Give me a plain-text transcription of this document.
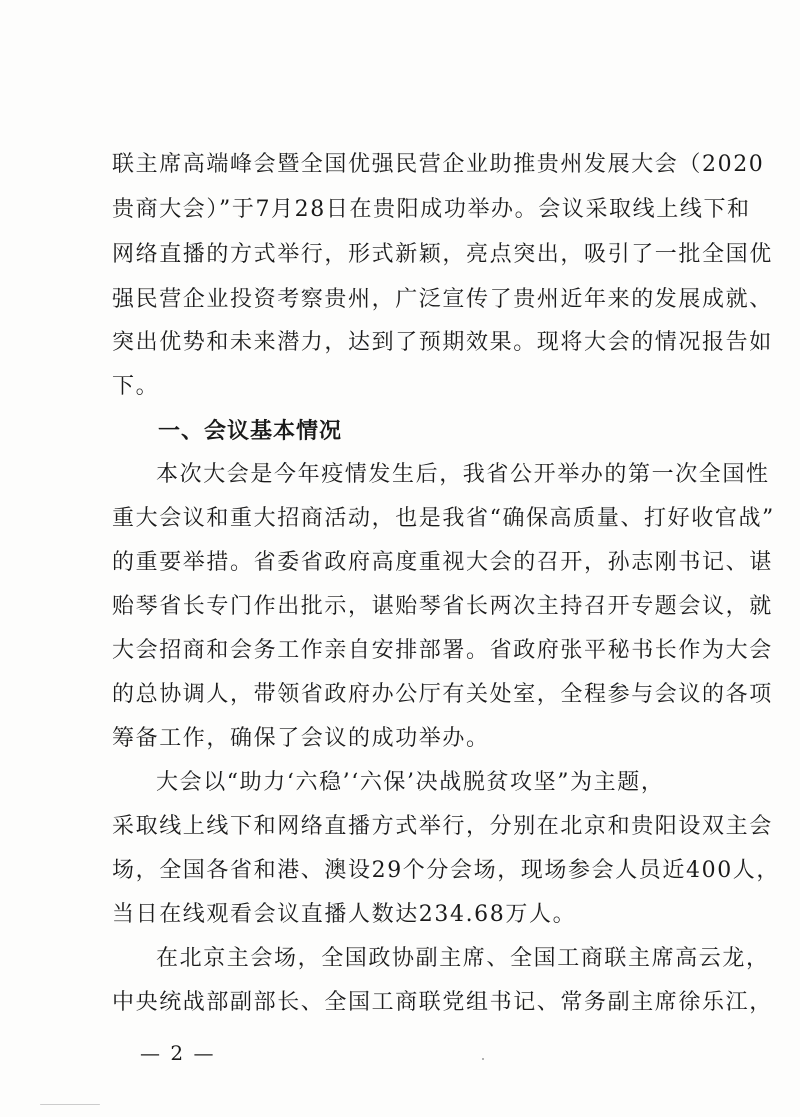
联主席高端峰会暨全国优强民营企业助推贵州发展大会（2020
贵商大会）”于7月28日在贵阳成功举办。会议采取线上线下和
网络直播的方式举行，形式新颖，亮点突出，吸引了一批全国优
强民营企业投资考察贵州，广泛宣传了贵州近年来的发展成就、
突出优势和未来潜力，达到了预期效果。现将大会的情况报告如
下。
一、会议基本情况
本次大会是今年疫情发生后，我省公开举办的第一次全国性
重大会议和重大招商活动，也是我省“确保高质量、打好收官战”
的重要举措。省委省政府高度重视大会的召开，孙志刚书记、谌
贻琴省长专门作出批示，谌贻琴省长两次主持召开专题会议，就
大会招商和会务工作亲自安排部署。省政府张平秘书长作为大会
的总协调人，带领省政府办公厅有关处室，全程参与会议的各项
筹备工作，确保了会议的成功举办。
大会以“助力‘六稳’‘六保’决战脱贫攻坚”为主题，
采取线上线下和网络直播方式举行，分别在北京和贵阳设双主会
场，全国各省和港、澳设29个分会场，现场参会人员近400人，
当日在线观看会议直播人数达234.68万人。
在北京主会场，全国政协副主席、全国工商联主席高云龙，
中央统战部副部长、全国工商联党组书记、常务副主席徐乐江，
— 2 —
